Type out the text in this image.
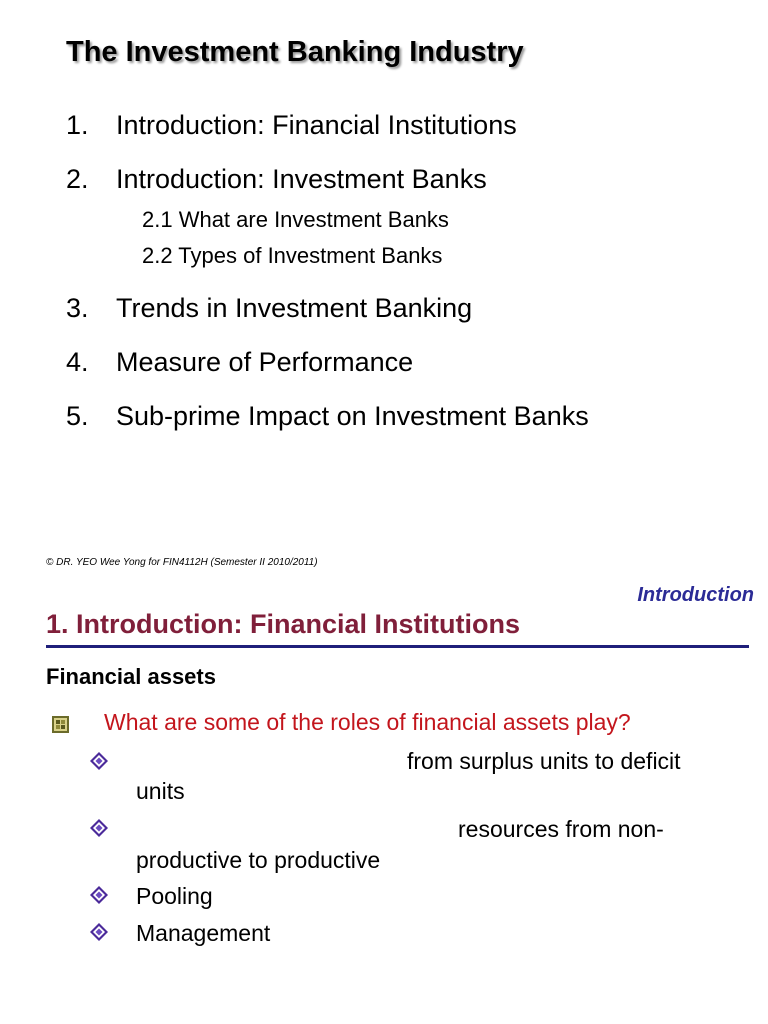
The Investment Banking Industry
1. Introduction: Financial Institutions
2. Introduction: Investment Banks
2.1 What are Investment Banks
2.2 Types of Investment Banks
3. Trends in Investment Banking
4. Measure of Performance
5. Sub-prime Impact on Investment Banks
© DR. YEO Wee Yong for FIN4112H (Semester II 2010/2011)
Introduction
1. Introduction: Financial Institutions
Financial assets
What are some of the roles of financial assets play?
from surplus units to deficit
units
resources from non-
productive to productive
Pooling
Management
